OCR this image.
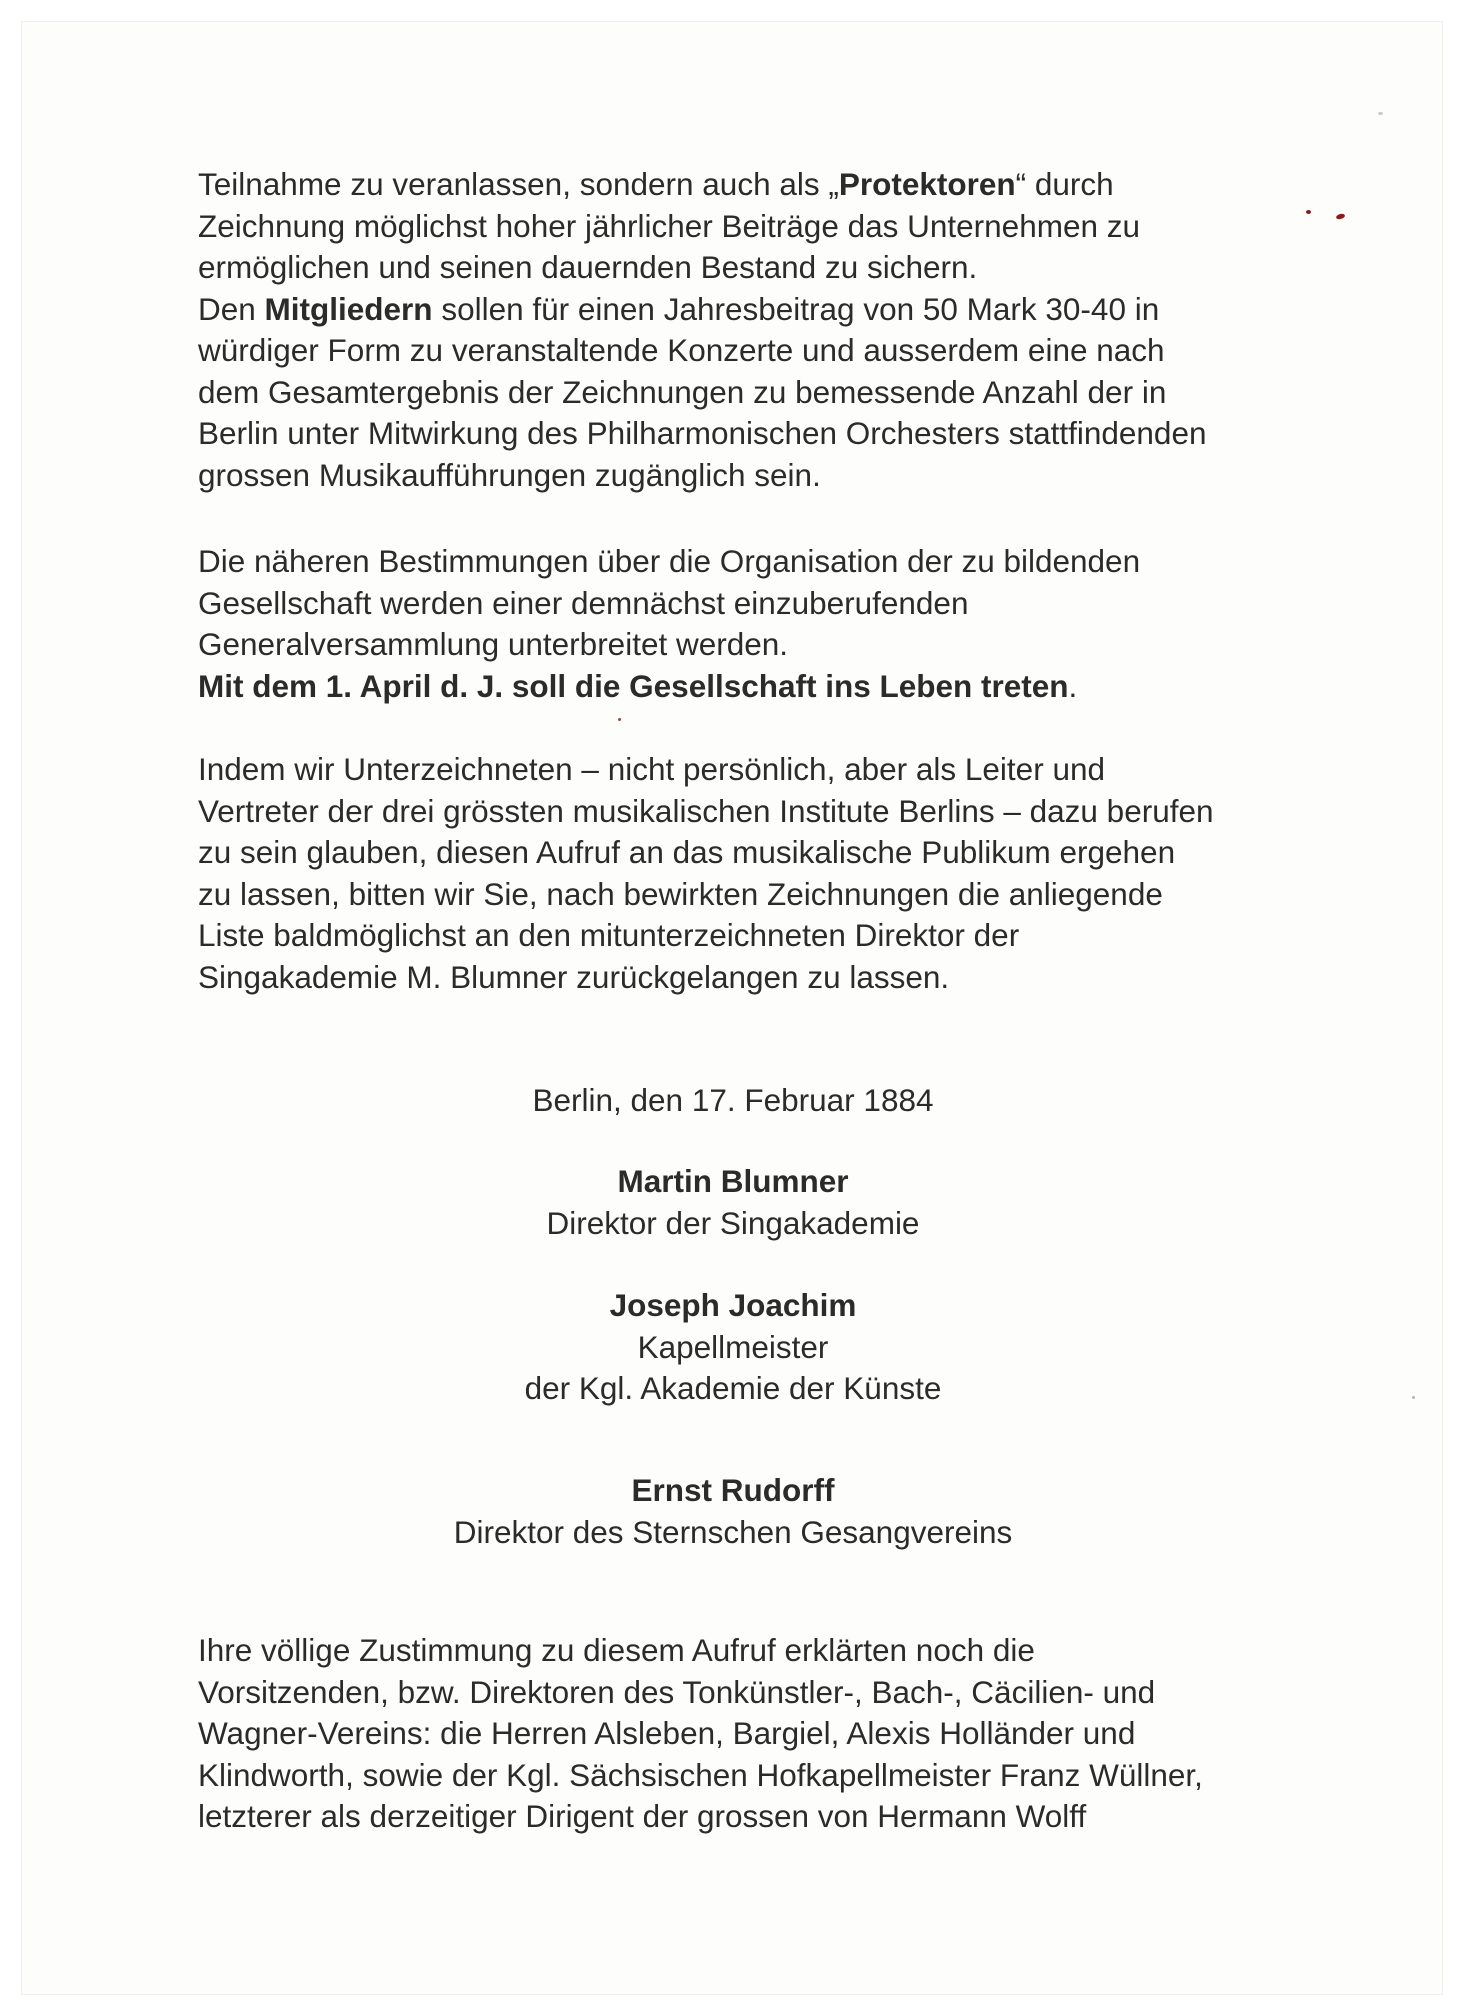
Teilnahme zu veranlassen, sondern auch als „Protektoren“ durch

Zeichnung möglichst hoher jährlicher Beiträge das Unternehmen zu

ermöglichen und seinen dauernden Bestand zu sichern.

Den Mitgliedern sollen für einen Jahresbeitrag von 50 Mark 30-40 in

würdiger Form zu veranstaltende Konzerte und ausserdem eine nach

dem Gesamtergebnis der Zeichnungen zu bemessende Anzahl der in

Berlin unter Mitwirkung des Philharmonischen Orchesters stattfindenden

grossen Musikaufführungen zugänglich sein.

Die näheren Bestimmungen über die Organisation der zu bildenden

Gesellschaft werden einer demnächst einzuberufenden

Generalversammlung unterbreitet werden.

Mit dem 1. April d. J. soll die Gesellschaft ins Leben treten.

Indem wir Unterzeichneten – nicht persönlich, aber als Leiter und

Vertreter der drei grössten musikalischen Institute Berlins – dazu berufen

zu sein glauben, diesen Aufruf an das musikalische Publikum ergehen

zu lassen, bitten wir Sie, nach bewirkten Zeichnungen die anliegende

Liste baldmöglichst an den mitunterzeichneten Direktor der

Singakademie M. Blumner zurückgelangen zu lassen.

Berlin, den 17. Februar 1884

Martin Blumner

Direktor der Singakademie

Joseph Joachim

Kapellmeister

der Kgl. Akademie der Künste

Ernst Rudorff

Direktor des Sternschen Gesangvereins

Ihre völlige Zustimmung zu diesem Aufruf erklärten noch die

Vorsitzenden, bzw. Direktoren des Tonkünstler-, Bach-, Cäcilien- und

Wagner-Vereins: die Herren Alsleben, Bargiel, Alexis Holländer und

Klindworth, sowie der Kgl. Sächsischen Hofkapellmeister Franz Wüllner,

letzterer als derzeitiger Dirigent der grossen von Hermann Wolff
